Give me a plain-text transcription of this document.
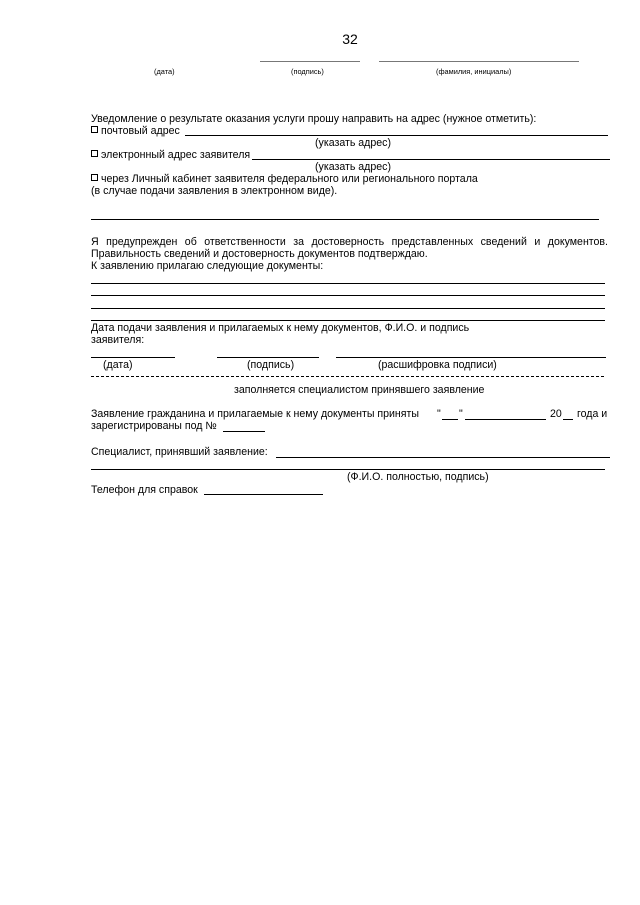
32
(дата)	(подпись)	(фамилия, инициалы)
Уведомление о результате оказания услуги прошу направить на адрес (нужное отметить):
почтовый адрес
(указать адрес)
электронный адрес заявителя
(указать адрес)
через Личный кабинет заявителя федерального или регионального портала
(в случае подачи заявления в электронном виде).
Я предупрежден об ответственности за достоверность представленных сведений и документов.
Правильность сведений и достоверность документов подтверждаю.
К заявлению прилагаю следующие документы:
Дата подачи заявления и прилагаемых к нему документов, Ф.И.О. и подпись
заявителя:
(дата)	(подпись)	(расшифровка подписи)
заполняется специалистом принявшего заявление
Заявление гражданина и прилагаемые к нему документы приняты " "	20 года и
зарегистрированы под №
Специалист, принявший заявление:
(Ф.И.О. полностью, подпись)
Телефон для справок
